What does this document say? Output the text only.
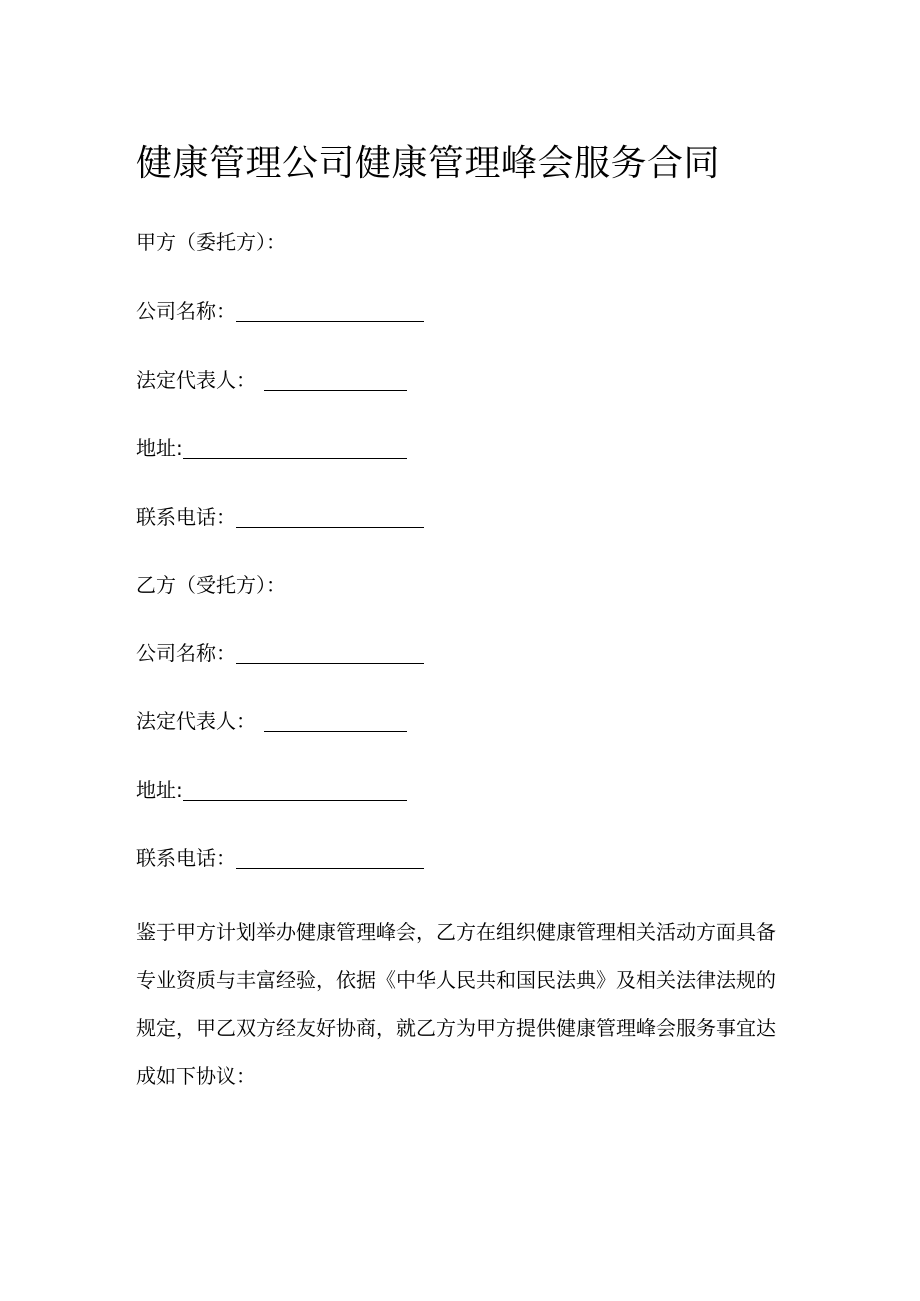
健康管理公司健康管理峰会服务合同
甲方（委托方）：
公司名称：
法定代表人：
地址:
联系电话：
乙方（受托方）：
公司名称：
法定代表人：
地址:
联系电话：
鉴于甲方计划举办健康管理峰会，乙方在组织健康管理相关活动方面具备
专业资质与丰富经验，依据《中华人民共和国民法典》及相关法律法规的
规定，甲乙双方经友好协商，就乙方为甲方提供健康管理峰会服务事宜达
成如下协议：
